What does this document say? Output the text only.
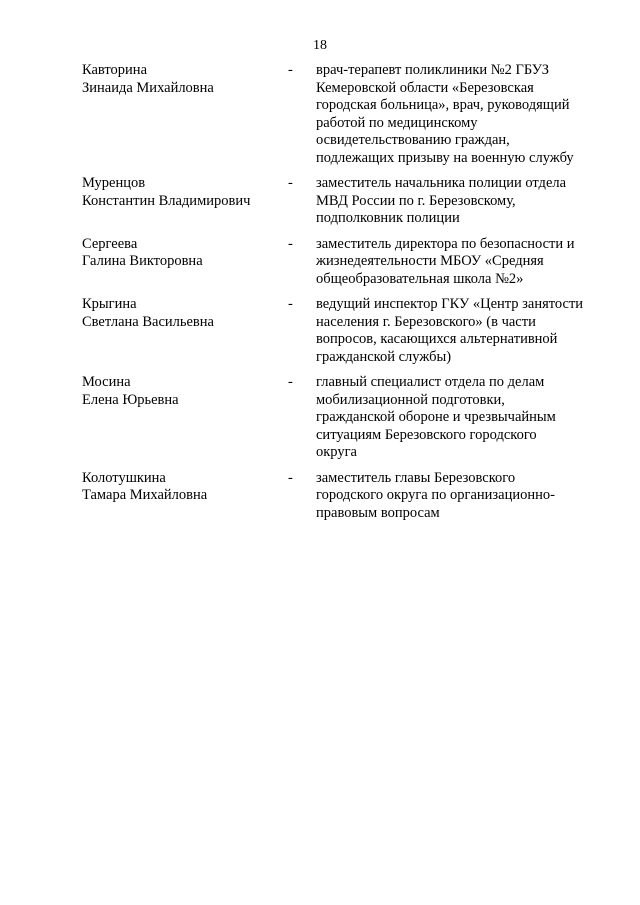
18
Кавторина
Зинаида Михайловна
-	врач-терапевт поликлиники №2 ГБУЗ
Кемеровской области «Березовская
городская больница», врач, руководящий
работой по медицинскому
освидетельствованию граждан,
подлежащих призыву на военную службу
Муренцов
Константин Владимирович
-	заместитель начальника полиции отдела
МВД России по г. Березовскому,
подполковник полиции
Сергеева
Галина Викторовна
-	заместитель директора по безопасности и
жизнедеятельности МБОУ «Средняя
общеобразовательная школа №2»
Крыгина
Светлана Васильевна
-	ведущий инспектор ГКУ «Центр занятости
населения г. Березовского» (в части
вопросов, касающихся альтернативной
гражданской службы)
Мосина
Елена Юрьевна
-	главный специалист отдела по делам
мобилизационной подготовки,
гражданской обороне и чрезвычайным
ситуациям Березовского городского
округа
Колотушкина
Тамара Михайловна
-	заместитель главы Березовского
городского округа по организационно-
правовым вопросам
